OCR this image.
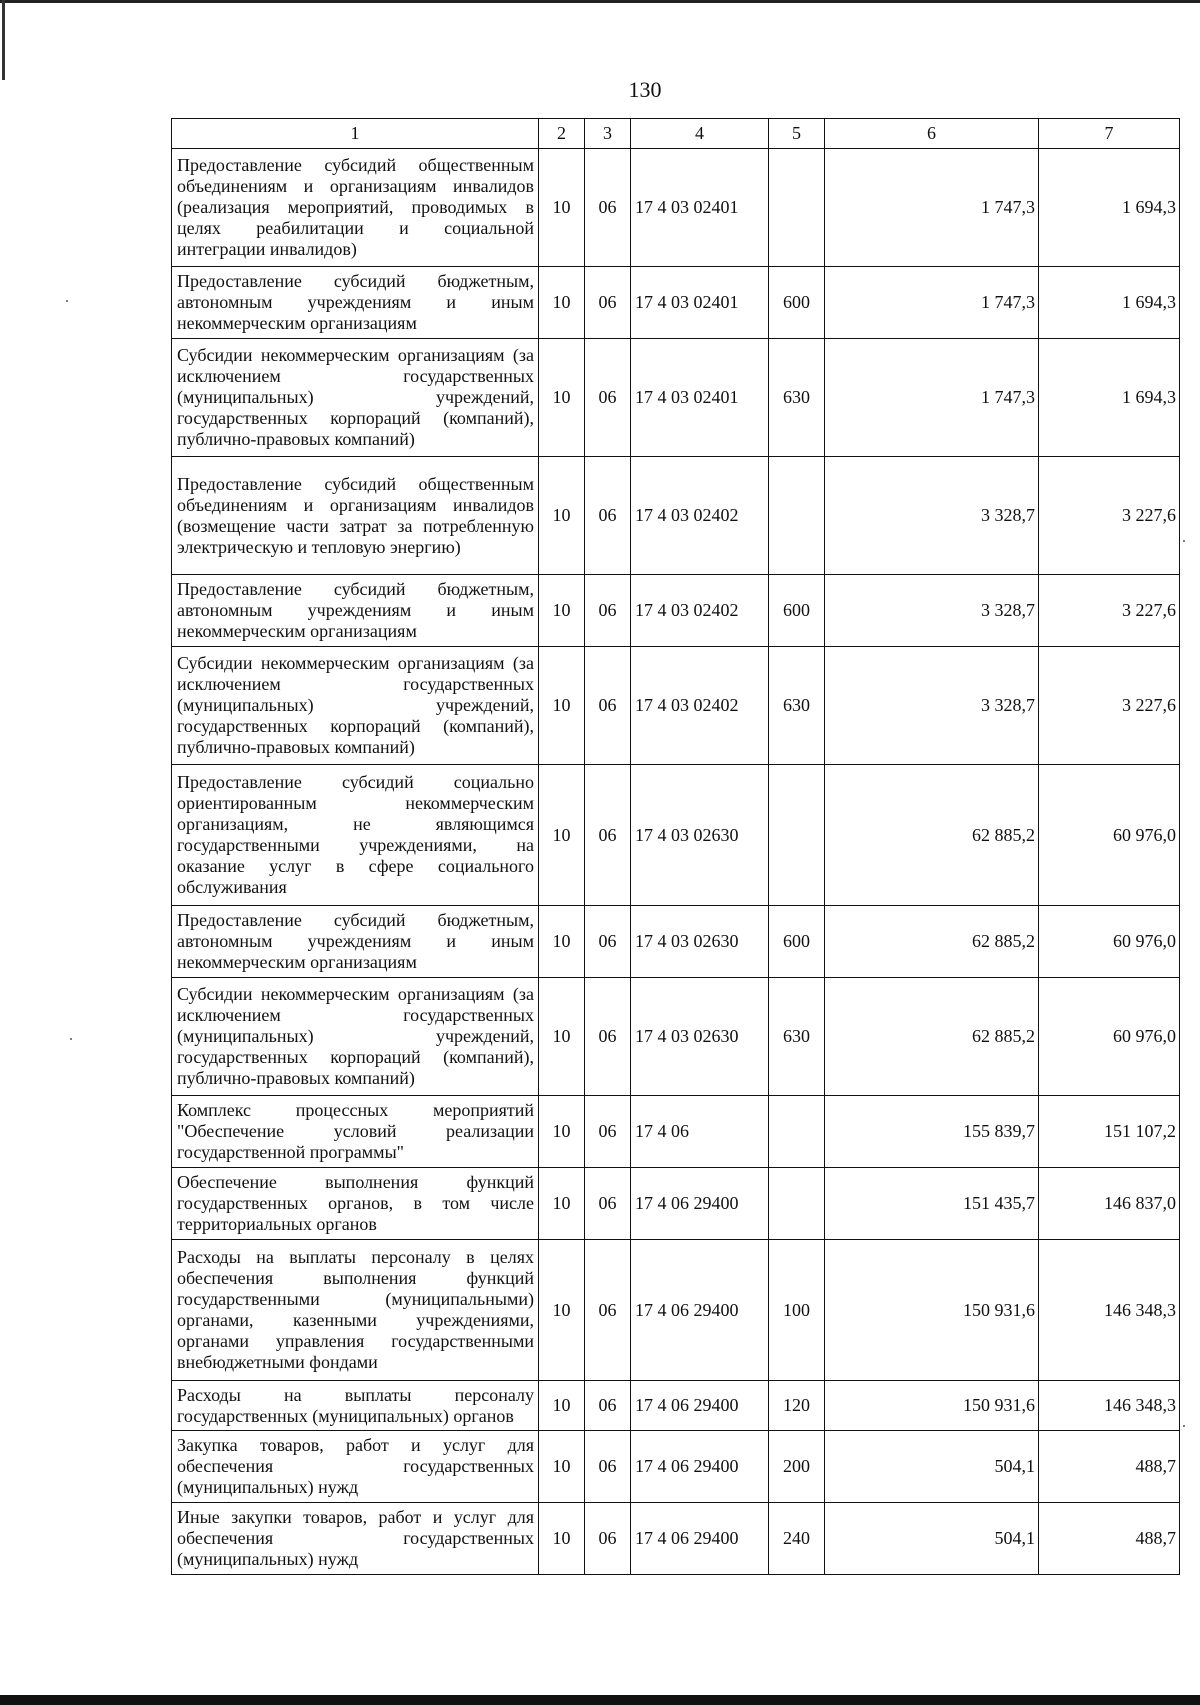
130
1	2	3	4	5	6	7
Предоставление субсидий общественным объединениям и организациям инвалидов (реализация мероприятий, проводимых в целях реабилитации и социальной интеграции инвалидов)	10	06	17 4 03 02401		1 747,3	1 694,3
Предоставление субсидий бюджетным, автономным учреждениям и иным некоммерческим организациям	10	06	17 4 03 02401	600	1 747,3	1 694,3
Субсидии некоммерческим организациям (за исключением государственных (муниципальных) учреждений, государственных корпораций (компаний), публично-правовых компаний)	10	06	17 4 03 02401	630	1 747,3	1 694,3
Предоставление субсидий общественным объединениям и организациям инвалидов (возмещение части затрат за потребленную электрическую и тепловую энергию)	10	06	17 4 03 02402		3 328,7	3 227,6
Предоставление субсидий бюджетным, автономным учреждениям и иным некоммерческим организациям	10	06	17 4 03 02402	600	3 328,7	3 227,6
Субсидии некоммерческим организациям (за исключением государственных (муниципальных) учреждений, государственных корпораций (компаний), публично-правовых компаний)	10	06	17 4 03 02402	630	3 328,7	3 227,6
Предоставление субсидий социально ориентированным некоммерческим организациям, не являющимся государственными учреждениями, на оказание услуг в сфере социального обслуживания	10	06	17 4 03 02630		62 885,2	60 976,0
Предоставление субсидий бюджетным, автономным учреждениям и иным некоммерческим организациям	10	06	17 4 03 02630	600	62 885,2	60 976,0
Субсидии некоммерческим организациям (за исключением государственных (муниципальных) учреждений, государственных корпораций (компаний), публично-правовых компаний)	10	06	17 4 03 02630	630	62 885,2	60 976,0
Комплекс процессных мероприятий "Обеспечение условий реализации государственной программы"	10	06	17 4 06		155 839,7	151 107,2
Обеспечение выполнения функций государственных органов, в том числе территориальных органов	10	06	17 4 06 29400		151 435,7	146 837,0
Расходы на выплаты персоналу в целях обеспечения выполнения функций государственными (муниципальными) органами, казенными учреждениями, органами управления государственными внебюджетными фондами	10	06	17 4 06 29400	100	150 931,6	146 348,3
Расходы на выплаты персоналу государственных (муниципальных) органов	10	06	17 4 06 29400	120	150 931,6	146 348,3
Закупка товаров, работ и услуг для обеспечения государственных (муниципальных) нужд	10	06	17 4 06 29400	200	504,1	488,7
Иные закупки товаров, работ и услуг для обеспечения государственных (муниципальных) нужд	10	06	17 4 06 29400	240	504,1	488,7
